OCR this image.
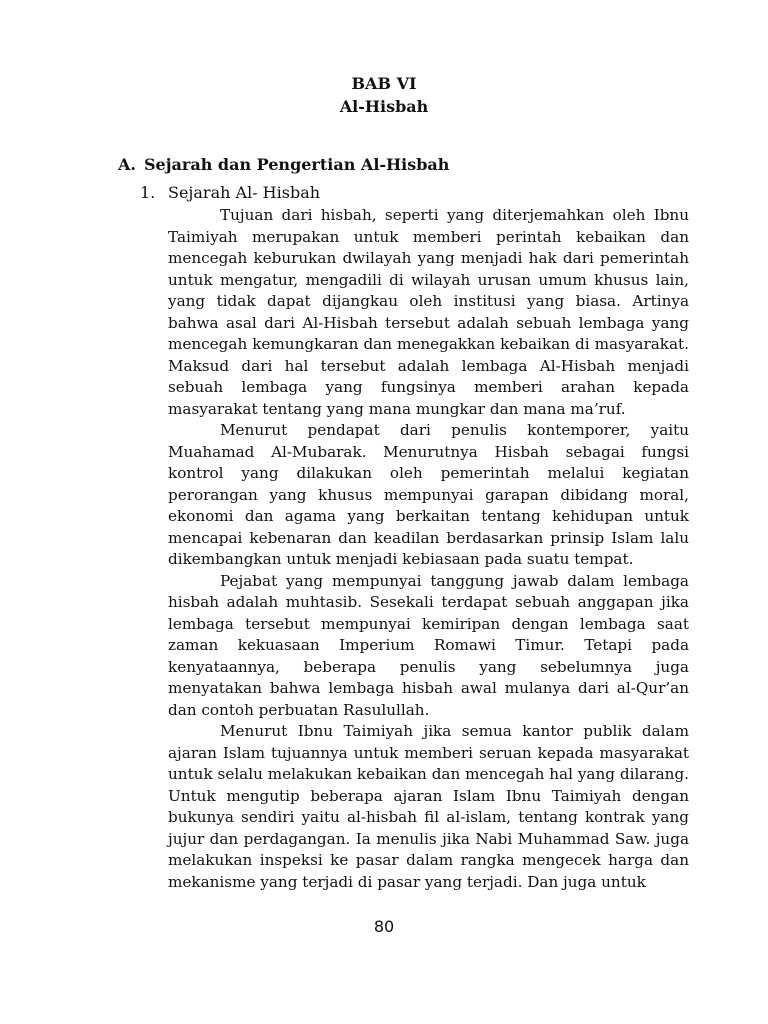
BAB VI
Al-Hisbah
A. Sejarah dan Pengertian Al-Hisbah
1. Sejarah Al- Hisbah

Tujuan dari hisbah, seperti yang diterjemahkan oleh Ibnu Taimiyah merupakan untuk memberi perintah kebaikan dan mencegah keburukan dwilayah yang menjadi hak dari pemerintah untuk mengatur, mengadili di wilayah urusan umum khusus lain, yang tidak dapat dijangkau oleh institusi yang biasa. Artinya bahwa asal dari Al-Hisbah tersebut adalah sebuah lembaga yang mencegah kemungkaran dan menegakkan kebaikan di masyarakat. Maksud dari hal tersebut adalah lembaga Al-Hisbah menjadi sebuah lembaga yang fungsinya memberi arahan kepada masyarakat tentang yang mana mungkar dan mana ma’ruf.

Menurut pendapat dari penulis kontemporer, yaitu Muahamad Al-Mubarak. Menurutnya Hisbah sebagai fungsi kontrol yang dilakukan oleh pemerintah melalui kegiatan perorangan yang khusus mempunyai garapan dibidang moral, ekonomi dan agama yang berkaitan tentang kehidupan untuk mencapai kebenaran dan keadilan berdasarkan prinsip Islam lalu dikembangkan untuk menjadi kebiasaan pada suatu tempat.

Pejabat yang mempunyai tanggung jawab dalam lembaga hisbah adalah muhtasib. Sesekali terdapat sebuah anggapan jika lembaga tersebut mempunyai kemiripan dengan lembaga saat zaman kekuasaan Imperium Romawi Timur. Tetapi pada kenyataannya, beberapa penulis yang sebelumnya juga menyatakan bahwa lembaga hisbah awal mulanya dari al-Qur’an dan contoh perbuatan Rasulullah.

Menurut Ibnu Taimiyah jika semua kantor publik dalam ajaran Islam tujuannya untuk memberi seruan kepada masyarakat untuk selalu melakukan kebaikan dan mencegah hal yang dilarang. Untuk mengutip beberapa ajaran Islam Ibnu Taimiyah dengan bukunya sendiri yaitu al-hisbah fil al-islam, tentang kontrak yang jujur dan perdagangan. Ia menulis jika Nabi Muhammad Saw. juga melakukan inspeksi ke pasar dalam rangka mengecek harga dan mekanisme yang terjadi di pasar yang terjadi. Dan juga untuk

80
